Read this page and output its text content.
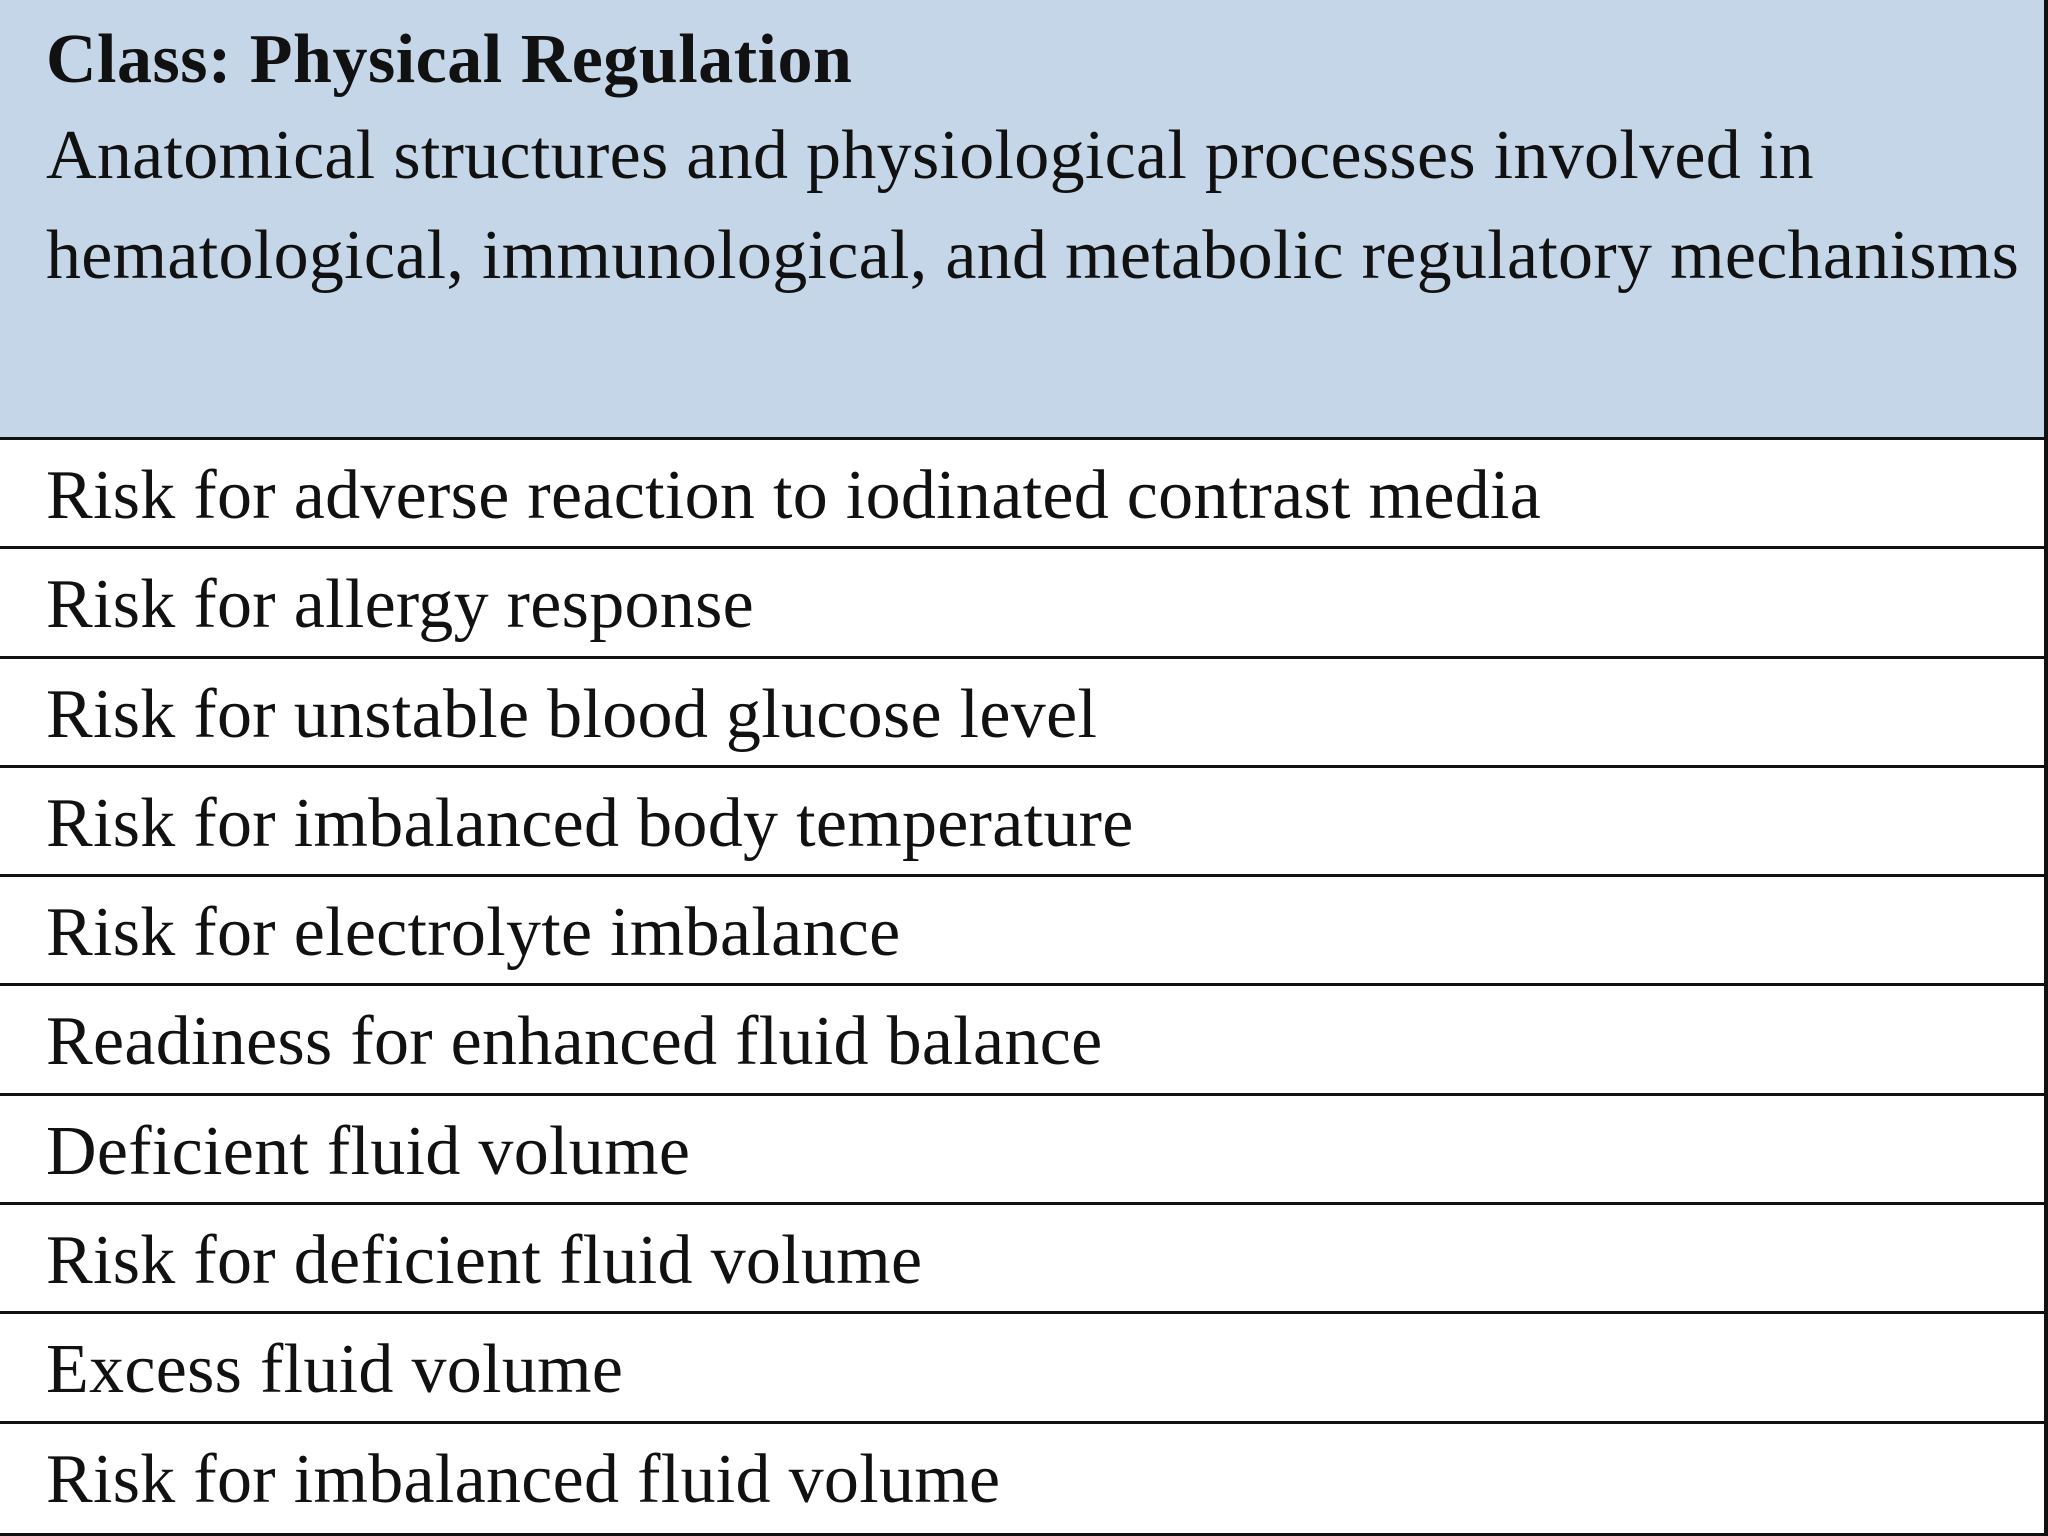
Class: Physical Regulation

Anatomical structures and physiological processes involved in hematological, immunological, and metabolic regulatory mechanisms

Risk for adverse reaction to iodinated contrast media
Risk for allergy response
Risk for unstable blood glucose level
Risk for imbalanced body temperature
Risk for electrolyte imbalance
Readiness for enhanced fluid balance
Deficient fluid volume
Risk for deficient fluid volume
Excess fluid volume
Risk for imbalanced fluid volume
